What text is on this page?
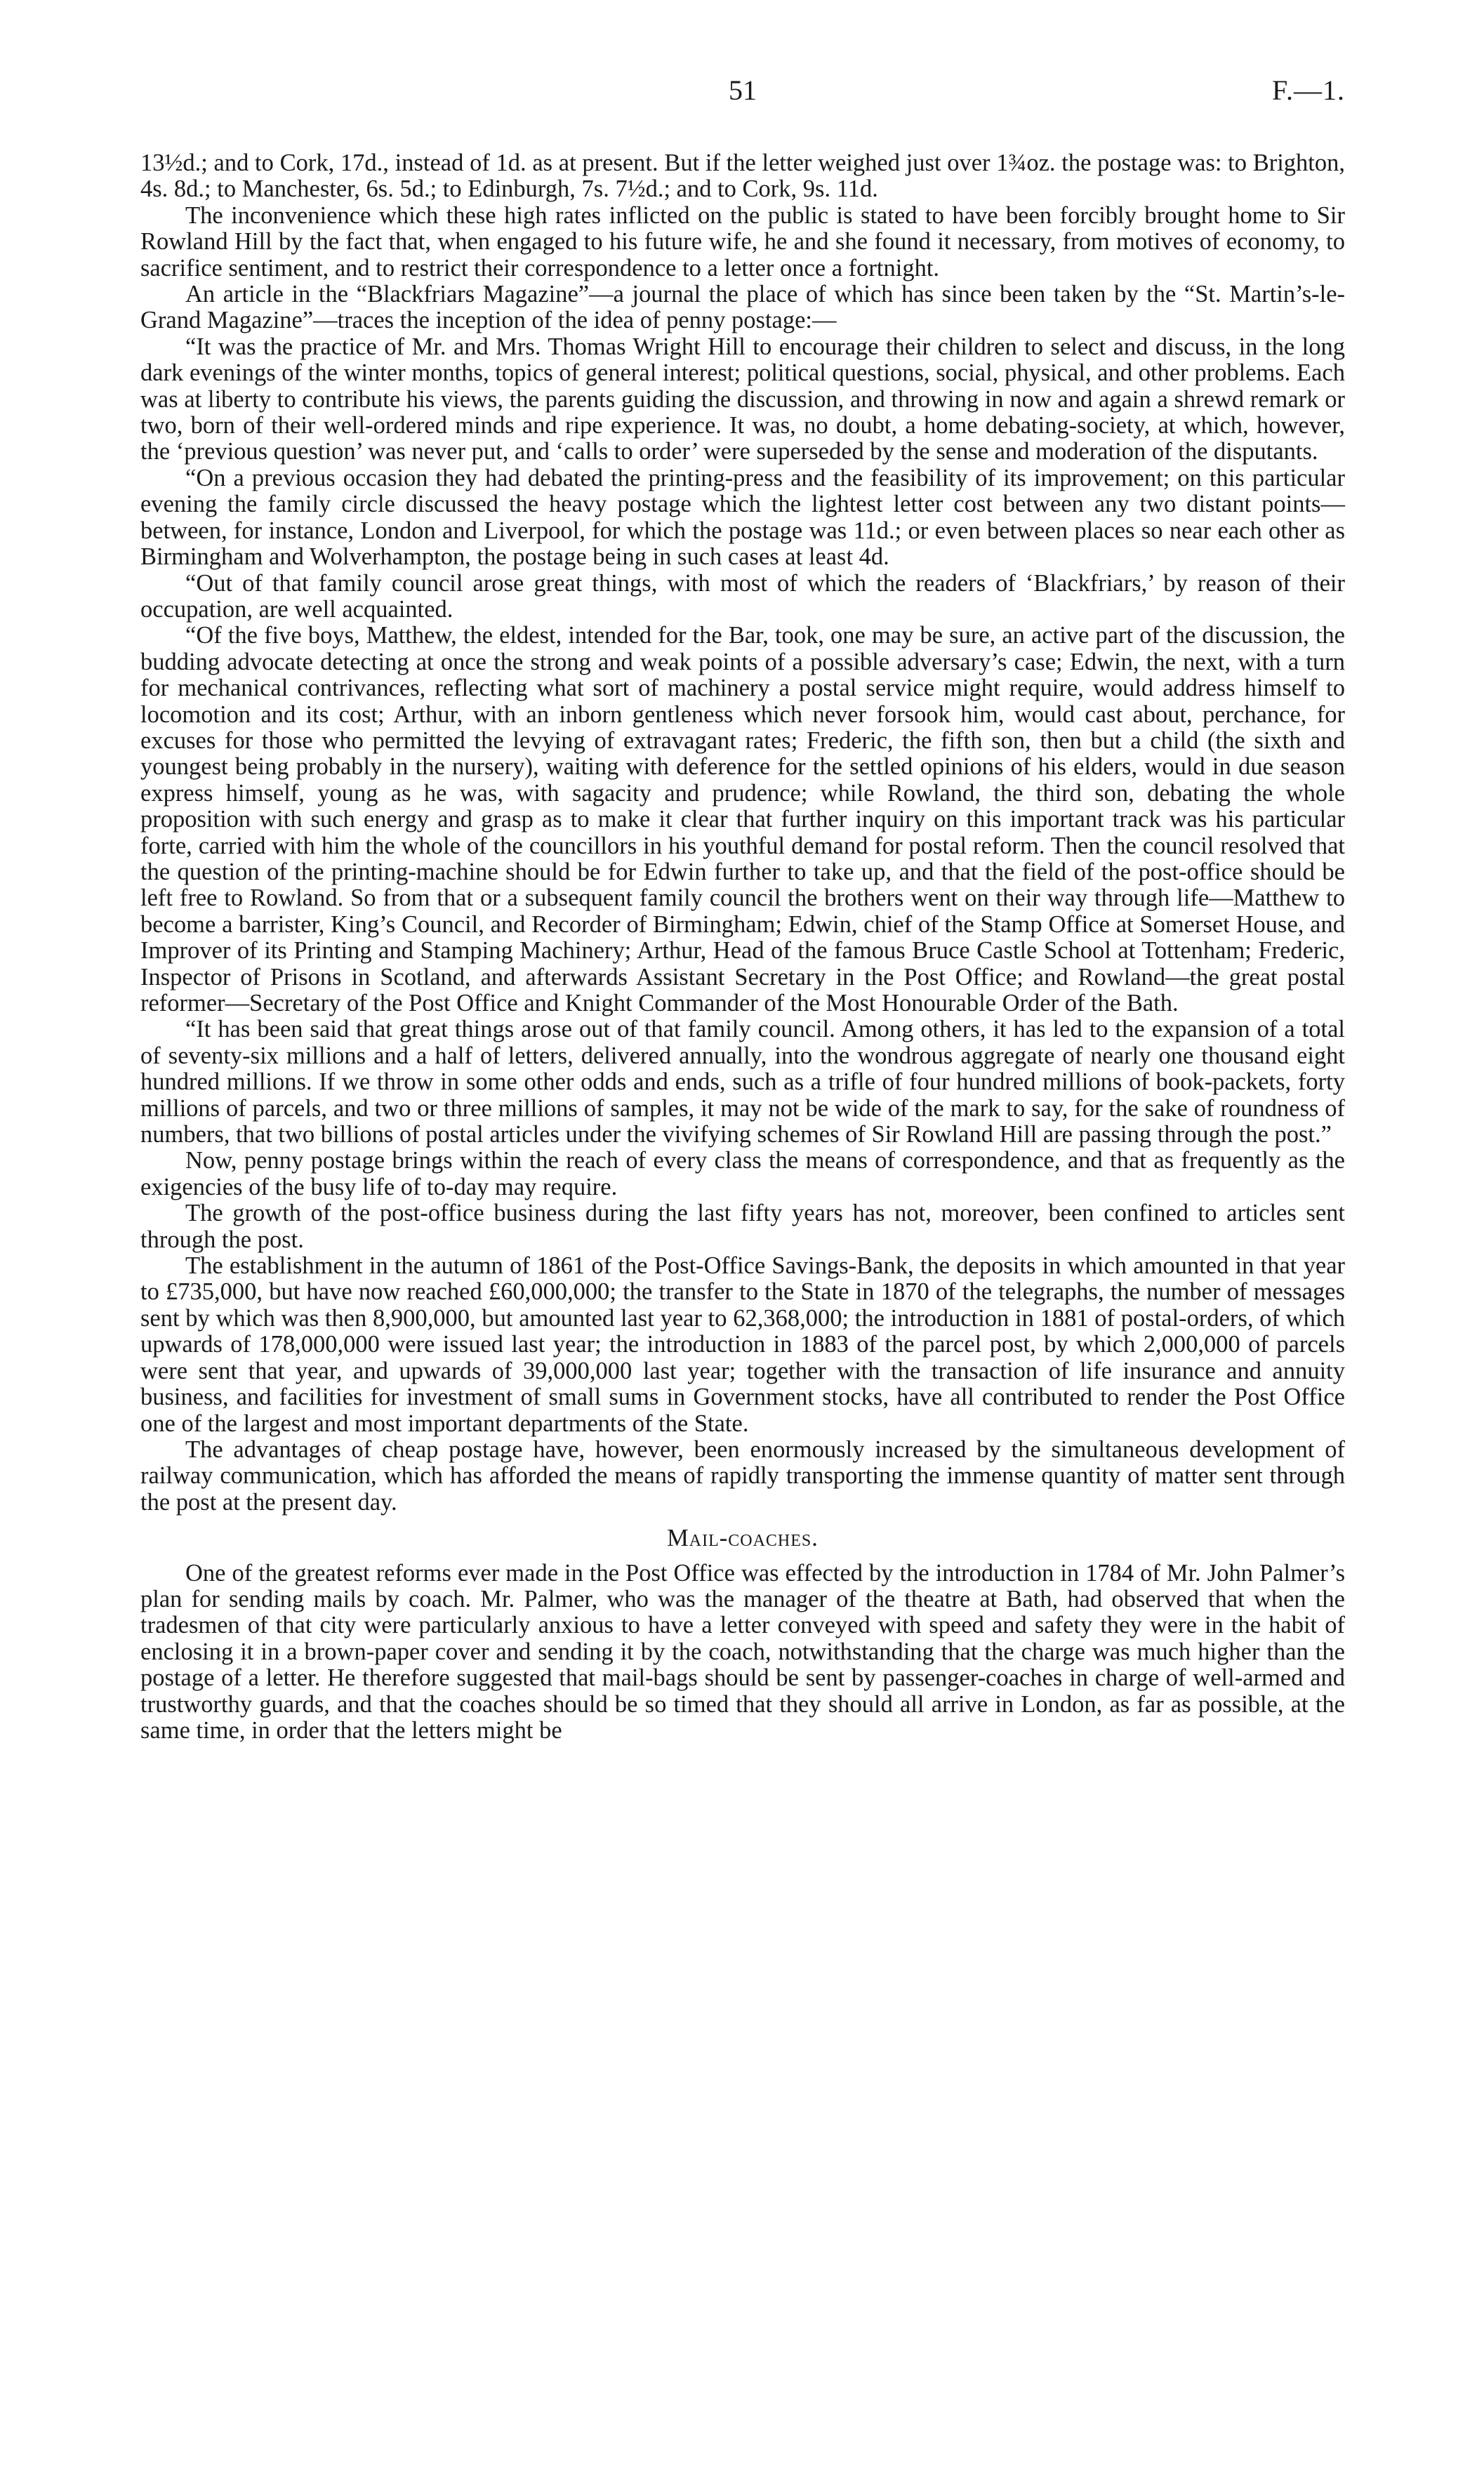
51	F.—1.

13½d.; and to Cork, 17d., instead of 1d. as at present. But if the letter weighed just over 1¾oz. the postage was: to Brighton, 4s. 8d.; to Manchester, 6s. 5d.; to Edinburgh, 7s. 7½d.; and to Cork, 9s. 11d.

The inconvenience which these high rates inflicted on the public is stated to have been forcibly brought home to Sir Rowland Hill by the fact that, when engaged to his future wife, he and she found it necessary, from motives of economy, to sacrifice sentiment, and to restrict their correspondence to a letter once a fortnight.

An article in the “Blackfriars Magazine”—a journal the place of which has since been taken by the “St. Martin’s-le-Grand Magazine”—traces the inception of the idea of penny postage:—

“It was the practice of Mr. and Mrs. Thomas Wright Hill to encourage their children to select and discuss, in the long dark evenings of the winter months, topics of general interest; political questions, social, physical, and other problems. Each was at liberty to contribute his views, the parents guiding the discussion, and throwing in now and again a shrewd remark or two, born of their well-ordered minds and ripe experience. It was, no doubt, a home debating-society, at which, however, the ‘previous question’ was never put, and ‘calls to order’ were superseded by the sense and moderation of the disputants.

“On a previous occasion they had debated the printing-press and the feasibility of its improvement; on this particular evening the family circle discussed the heavy postage which the lightest letter cost between any two distant points—between, for instance, London and Liverpool, for which the postage was 11d.; or even between places so near each other as Birmingham and Wolverhampton, the postage being in such cases at least 4d.

“Out of that family council arose great things, with most of which the readers of ‘Blackfriars,’ by reason of their occupation, are well acquainted.

“Of the five boys, Matthew, the eldest, intended for the Bar, took, one may be sure, an active part of the discussion, the budding advocate detecting at once the strong and weak points of a possible adversary’s case; Edwin, the next, with a turn for mechanical contrivances, reflecting what sort of machinery a postal service might require, would address himself to locomotion and its cost; Arthur, with an inborn gentleness which never forsook him, would cast about, perchance, for excuses for those who permitted the levying of extravagant rates; Frederic, the fifth son, then but a child (the sixth and youngest being probably in the nursery), waiting with deference for the settled opinions of his elders, would in due season express himself, young as he was, with sagacity and prudence; while Rowland, the third son, debating the whole proposition with such energy and grasp as to make it clear that further inquiry on this important track was his particular forte, carried with him the whole of the councillors in his youthful demand for postal reform. Then the council resolved that the question of the printing-machine should be for Edwin further to take up, and that the field of the post-office should be left free to Rowland. So from that or a subsequent family council the brothers went on their way through life—Matthew to become a barrister, King’s Council, and Recorder of Birmingham; Edwin, chief of the Stamp Office at Somerset House, and Improver of its Printing and Stamping Machinery; Arthur, Head of the famous Bruce Castle School at Tottenham; Frederic, Inspector of Prisons in Scotland, and afterwards Assistant Secretary in the Post Office; and Rowland—the great postal reformer—Secretary of the Post Office and Knight Commander of the Most Honourable Order of the Bath.

“It has been said that great things arose out of that family council. Among others, it has led to the expansion of a total of seventy-six millions and a half of letters, delivered annually, into the wondrous aggregate of nearly one thousand eight hundred millions. If we throw in some other odds and ends, such as a trifle of four hundred millions of book-packets, forty millions of parcels, and two or three millions of samples, it may not be wide of the mark to say, for the sake of roundness of numbers, that two billions of postal articles under the vivifying schemes of Sir Rowland Hill are passing through the post.”

Now, penny postage brings within the reach of every class the means of correspondence, and that as frequently as the exigencies of the busy life of to-day may require.

The growth of the post-office business during the last fifty years has not, moreover, been confined to articles sent through the post.

The establishment in the autumn of 1861 of the Post-Office Savings-Bank, the deposits in which amounted in that year to £735,000, but have now reached £60,000,000; the transfer to the State in 1870 of the telegraphs, the number of messages sent by which was then 8,900,000, but amounted last year to 62,368,000; the introduction in 1881 of postal-orders, of which upwards of 178,000,000 were issued last year; the introduction in 1883 of the parcel post, by which 2,000,000 of parcels were sent that year, and upwards of 39,000,000 last year; together with the transaction of life insurance and annuity business, and facilities for investment of small sums in Government stocks, have all contributed to render the Post Office one of the largest and most important departments of the State.

The advantages of cheap postage have, however, been enormously increased by the simultaneous development of railway communication, which has afforded the means of rapidly transporting the immense quantity of matter sent through the post at the present day.

Mail-coaches.

One of the greatest reforms ever made in the Post Office was effected by the introduction in 1784 of Mr. John Palmer’s plan for sending mails by coach. Mr. Palmer, who was the manager of the theatre at Bath, had observed that when the tradesmen of that city were particularly anxious to have a letter conveyed with speed and safety they were in the habit of enclosing it in a brown-paper cover and sending it by the coach, notwithstanding that the charge was much higher than the postage of a letter. He therefore suggested that mail-bags should be sent by passenger-coaches in charge of well-armed and trustworthy guards, and that the coaches should be so timed that they should all arrive in London, as far as possible, at the same time, in order that the letters might be
